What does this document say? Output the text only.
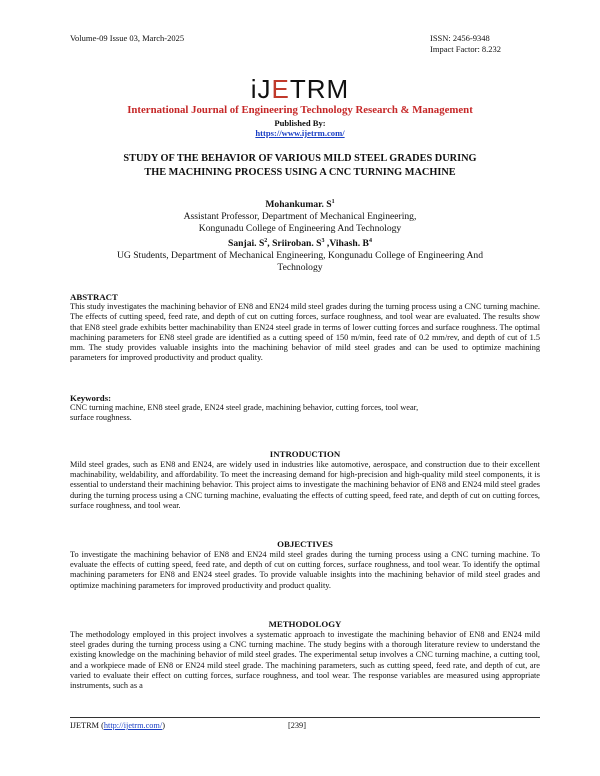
Volume-09 Issue 03, March-2025	ISSN: 2456-9348
Impact Factor: 8.232
iJETRM
International Journal of Engineering Technology Research & Management
Published By:
https://www.ijetrm.com/
STUDY OF THE BEHAVIOR OF VARIOUS MILD STEEL GRADES DURING
THE MACHINING PROCESS USING A CNC TURNING MACHINE
Mohankumar. $S^1$
Assistant Professor, Department of Mechanical Engineering,
Kongunadu College of Engineering And Technology
Sanjai. $S^2$, Sriiroban. $S^3$ ,Vihash. $B^4$
UG Students, Department of Mechanical Engineering, Kongunadu College of Engineering And
Technology
ABSTRACT
This study investigates the machining behavior of EN8 and EN24 mild steel grades during the turning process using a CNC turning machine. The effects of cutting speed, feed rate, and depth of cut on cutting forces, surface roughness, and tool wear are evaluated. The results show that EN8 steel grade exhibits better machinability than EN24 steel grade in terms of lower cutting forces and surface roughness. The optimal machining parameters for EN8 steel grade are identified as a cutting speed of 150 m/min, feed rate of 0.2 mm/rev, and depth of cut of 1.5 mm. The study provides valuable insights into the machining behavior of mild steel grades and can be used to optimize machining parameters for improved productivity and product quality.
Keywords:
CNC turning machine, EN8 steel grade, EN24 steel grade, machining behavior, cutting forces, tool wear,
surface roughness.
INTRODUCTION
Mild steel grades, such as EN8 and EN24, are widely used in industries like automotive, aerospace, and construction due to their excellent machinability, weldability, and affordability. To meet the increasing demand for high-precision and high-quality mild steel components, it is essential to understand their machining behavior. This project aims to investigate the machining behavior of EN8 and EN24 mild steel grades during the turning process using a CNC turning machine, evaluating the effects of cutting speed, feed rate, and depth of cut on cutting forces, surface roughness, and tool wear.
OBJECTIVES
To investigate the machining behavior of EN8 and EN24 mild steel grades during the turning process using a CNC turning machine. To evaluate the effects of cutting speed, feed rate, and depth of cut on cutting forces, surface roughness, and tool wear. To identify the optimal machining parameters for EN8 and EN24 steel grades. To provide valuable insights into the machining behavior of mild steel grades and optimize machining parameters for improved productivity and product quality.
METHODOLOGY
The methodology employed in this project involves a systematic approach to investigate the machining behavior of EN8 and EN24 mild steel grades during the turning process using a CNC turning machine. The study begins with a thorough literature review to understand the existing knowledge on the machining behavior of mild steel grades. The experimental setup involves a CNC turning machine, a cutting tool, and a workpiece made of EN8 or EN24 mild steel grade. The machining parameters, such as cutting speed, feed rate, and depth of cut, are varied to evaluate their effect on cutting forces, surface roughness, and tool wear. The response variables are measured using appropriate instruments, such as a
IJETRM (http://ijetrm.com/)	[239]
